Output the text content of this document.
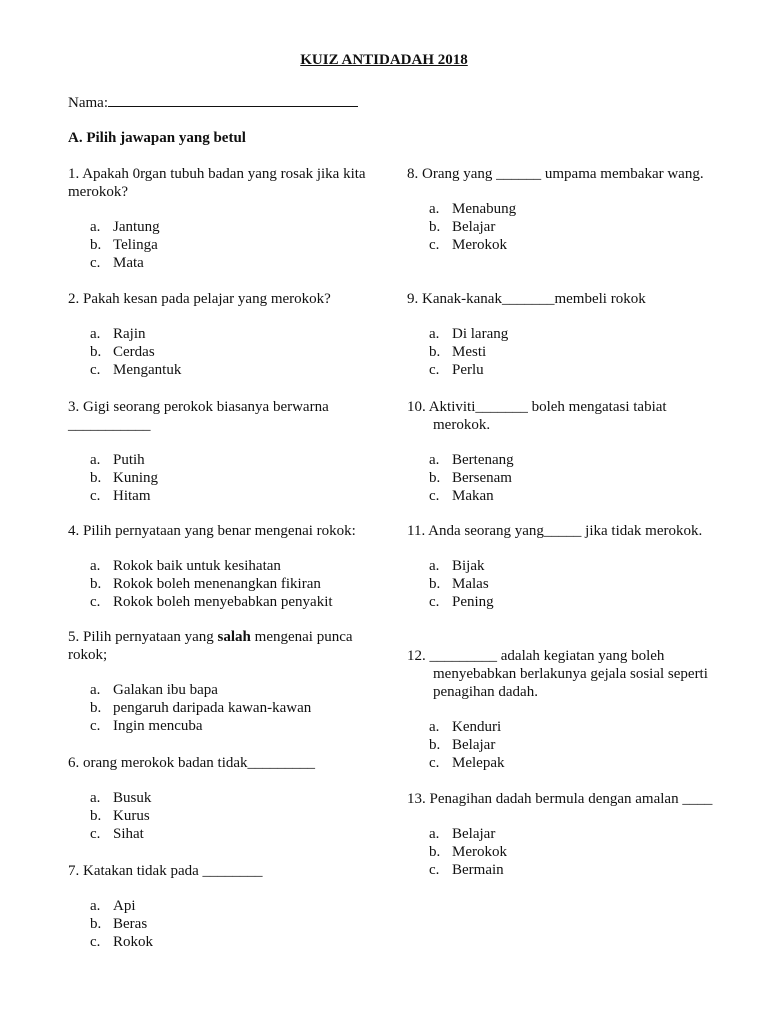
KUIZ ANTIDADAH 2018
Nama:
A. Pilih jawapan yang betul
1. Apakah 0rgan tubuh badan yang rosak jika kita merokok?
a. Jantung
b. Telinga
c. Mata
2. Pakah kesan pada pelajar yang merokok?
a. Rajin
b. Cerdas
c. Mengantuk
3. Gigi seorang perokok biasanya berwarna ___________
a. Putih
b. Kuning
c. Hitam
4. Pilih pernyataan yang benar mengenai rokok:
a. Rokok baik untuk kesihatan
b. Rokok boleh menenangkan fikiran
c. Rokok boleh menyebabkan penyakit
5. Pilih pernyataan yang salah mengenai punca rokok;
a. Galakan ibu bapa
b. pengaruh daripada kawan-kawan
c. Ingin mencuba
6. orang merokok badan tidak_________
a. Busuk
b. Kurus
c. Sihat
7. Katakan tidak pada ________
a. Api
b. Beras
c. Rokok
8. Orang yang ______ umpama membakar wang.
a. Menabung
b. Belajar
c. Merokok
9. Kanak-kanak_______membeli rokok
a. Di larang
b. Mesti
c. Perlu
10. Aktiviti_______ boleh mengatasi tabiat merokok.
a. Bertenang
b. Bersenam
c. Makan
11. Anda seorang yang_____ jika tidak merokok.
a. Bijak
b. Malas
c. Pening
12. _________ adalah kegiatan yang boleh menyebabkan berlakunya gejala sosial seperti penagihan dadah.
a. Kenduri
b. Belajar
c. Melepak
13. Penagihan dadah bermula dengan amalan ____
a. Belajar
b. Merokok
c. Bermain
